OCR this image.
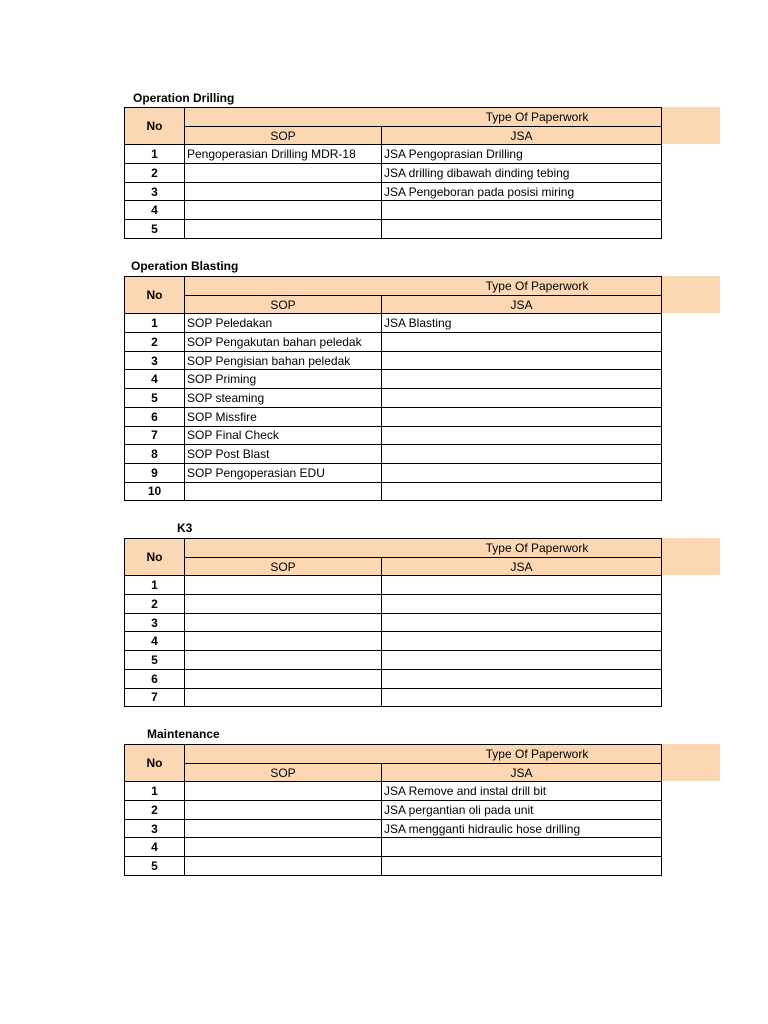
Operation Drilling
No	Type Of Paperwork	
	SOP	JSA
1	Pengoperasian Drilling MDR-18	JSA Pengoprasian Drilling
2		JSA drilling dibawah dinding tebing
3		JSA Pengeboran pada posisi miring
4		
5		
Operation Blasting
No	Type Of Paperwork	
	SOP	JSA
1	SOP Peledakan	JSA Blasting
2	SOP Pengakutan bahan peledak	
3	SOP Pengisian bahan peledak	
4	SOP Priming	
5	SOP steaming	
6	SOP Missfire	
7	SOP Final Check	
8	SOP Post Blast	
9	SOP Pengoperasian EDU	
10		
K3
No	Type Of Paperwork	
	SOP	JSA
1		
2		
3		
4		
5		
6		
7		
Maintenance
No	Type Of Paperwork	
	SOP	JSA
1		JSA Remove and instal drill bit
2		JSA pergantian oli pada unit
3		JSA mengganti hidraulic hose drilling
4		
5		
